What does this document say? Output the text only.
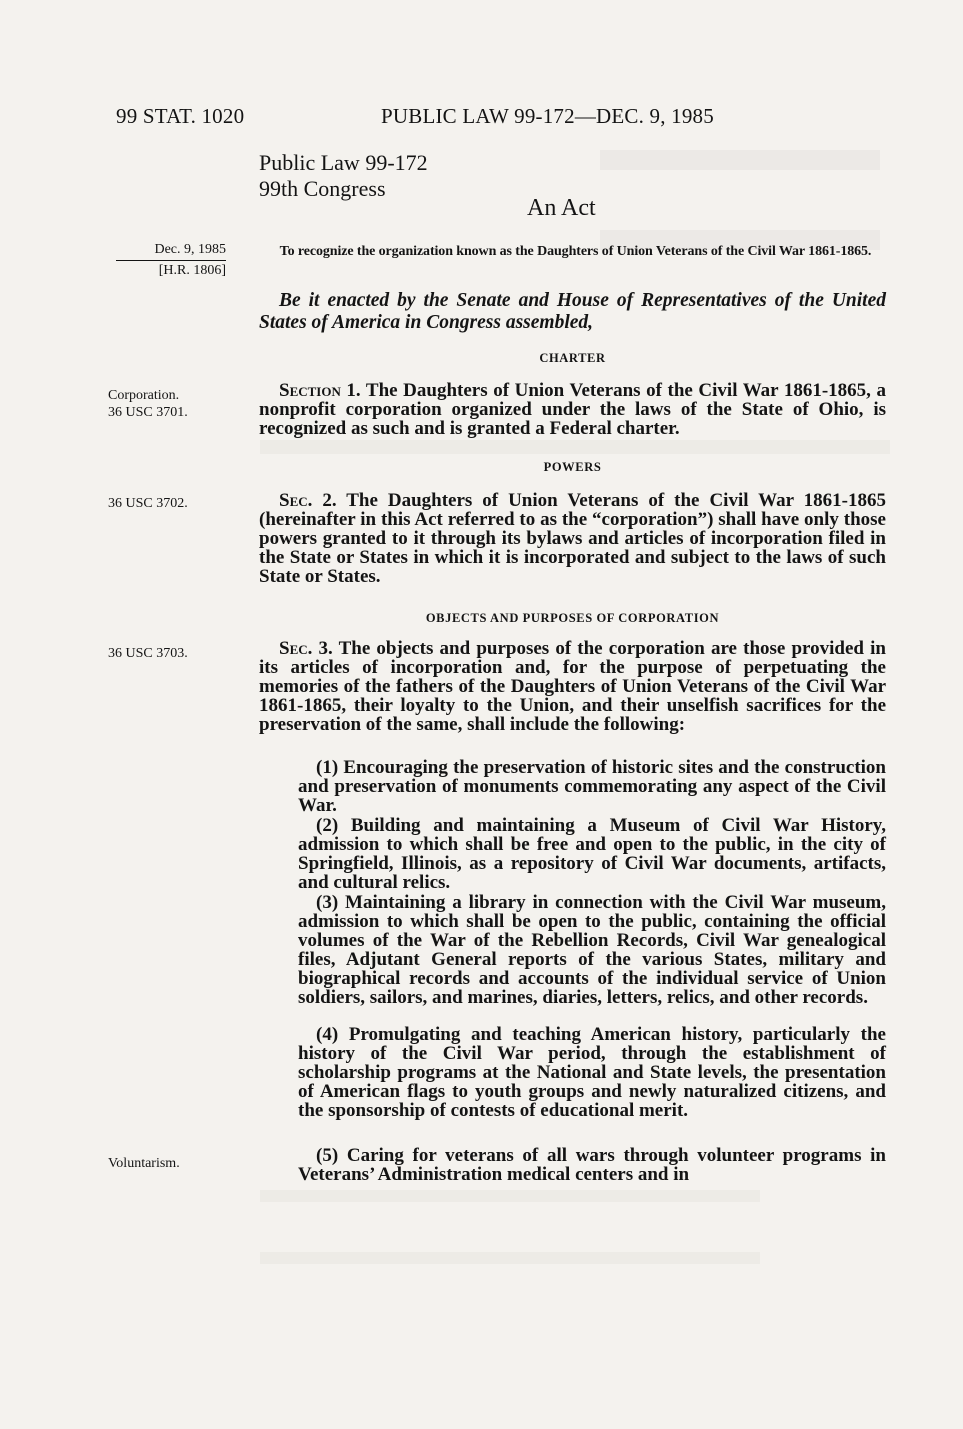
99 STAT. 1020	PUBLIC LAW 99-172—DEC. 9, 1985
Public Law 99-172
99th Congress
An Act
Dec. 9, 1985
[H.R. 1806]
To recognize the organization known as the Daughters of Union Veterans of the Civil War 1861-1865.
Be it enacted by the Senate and House of Representatives of the United States of America in Congress assembled,
CHARTER
Corporation.
36 USC 3701.
Section 1. The Daughters of Union Veterans of the Civil War 1861-1865, a nonprofit corporation organized under the laws of the State of Ohio, is recognized as such and is granted a Federal charter.
POWERS
36 USC 3702.	Sec. 2. The Daughters of Union Veterans of the Civil War 1861-1865 (hereinafter in this Act referred to as the “corporation”) shall have only those powers granted to it through its bylaws and articles of incorporation filed in the State or States in which it is incorporated and subject to the laws of such State or States.
OBJECTS AND PURPOSES OF CORPORATION
36 USC 3703.	Sec. 3. The objects and purposes of the corporation are those provided in its articles of incorporation and, for the purpose of perpetuating the memories of the fathers of the Daughters of Union Veterans of the Civil War 1861-1865, their loyalty to the Union, and their unselfish sacrifices for the preservation of the same, shall include the following:
(1) Encouraging the preservation of historic sites and the construction and preservation of monuments commemorating any aspect of the Civil War.
(2) Building and maintaining a Museum of Civil War History, admission to which shall be free and open to the public, in the city of Springfield, Illinois, as a repository of Civil War documents, artifacts, and cultural relics.
(3) Maintaining a library in connection with the Civil War museum, admission to which shall be open to the public, containing the official volumes of the War of the Rebellion Records, Civil War genealogical files, Adjutant General reports of the various States, military and biographical records and accounts of the individual service of Union soldiers, sailors, and marines, diaries, letters, relics, and other records.
(4) Promulgating and teaching American history, particularly the history of the Civil War period, through the establishment of scholarship programs at the National and State levels, the presentation of American flags to youth groups and newly naturalized citizens, and the sponsorship of contests of educational merit.
Voluntarism.	(5) Caring for veterans of all wars through volunteer programs in Veterans’ Administration medical centers and in
